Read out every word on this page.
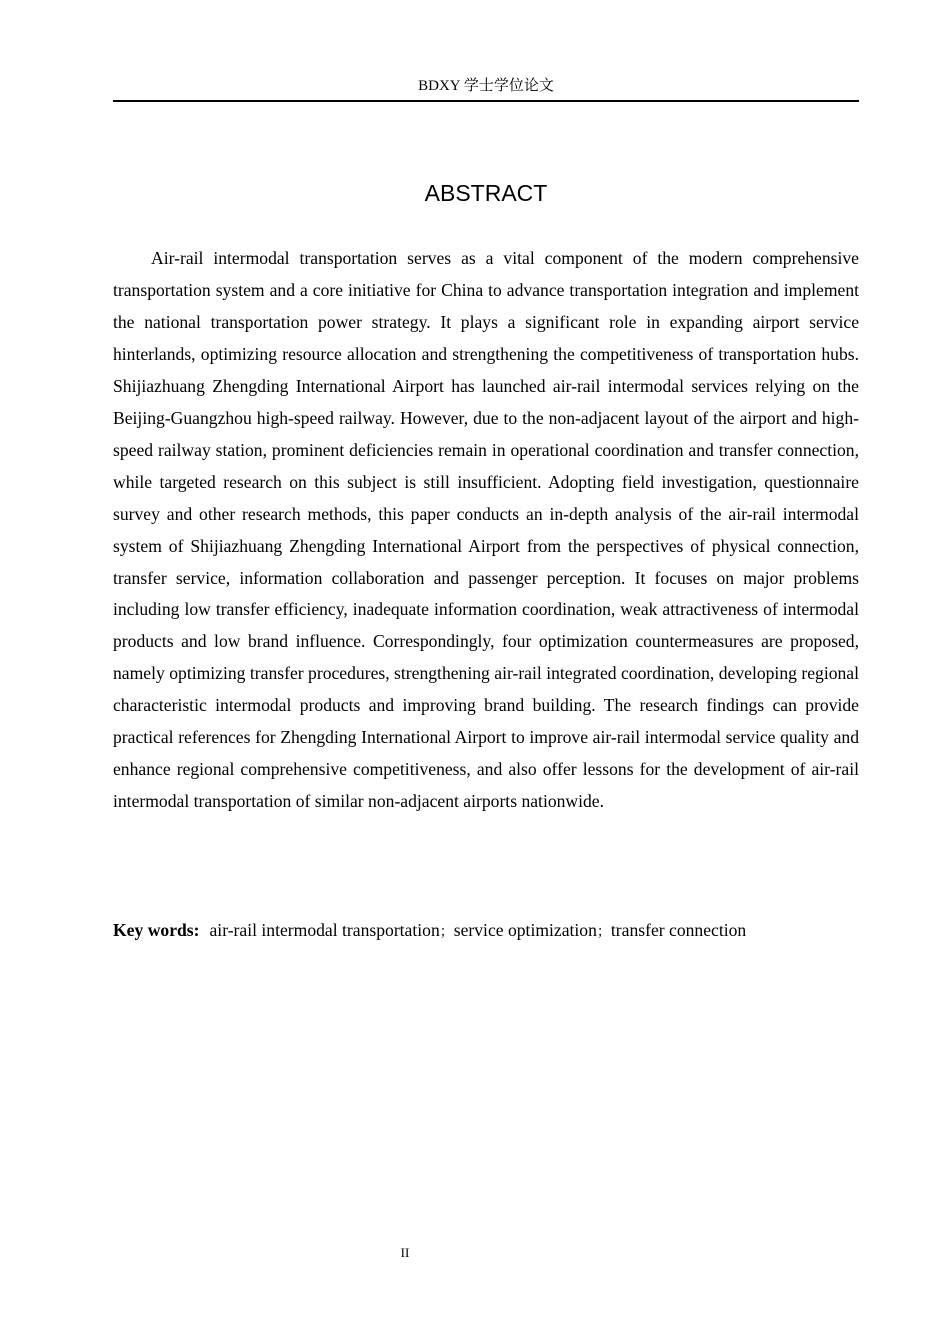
BDXY 学士学位论文
ABSTRACT

Air-rail intermodal transportation serves as a vital component of the modern comprehensive transportation system and a core initiative for China to advance transportation integration and implement the national transportation power strategy. It plays a significant role in expanding airport service hinterlands, optimizing resource allocation and strengthening the competitiveness of transportation hubs. Shijiazhuang Zhengding International Airport has launched air-rail intermodal services relying on the Beijing-Guangzhou high-speed railway. However, due to the non-adjacent layout of the airport and high-speed railway station, prominent deficiencies remain in operational coordination and transfer connection, while targeted research on this subject is still insufficient. Adopting field investigation, questionnaire survey and other research methods, this paper conducts an in-depth analysis of the air-rail intermodal system of Shijiazhuang Zhengding International Airport from the perspectives of physical connection, transfer service, information collaboration and passenger perception. It focuses on major problems including low transfer efficiency, inadequate information coordination, weak attractiveness of intermodal products and low brand influence. Correspondingly, four optimization countermeasures are proposed, namely optimizing transfer procedures, strengthening air-rail integrated coordination, developing regional characteristic intermodal products and improving brand building. The research findings can provide practical references for Zhengding International Airport to improve air-rail intermodal service quality and enhance regional comprehensive competitiveness, and also offer lessons for the development of air-rail intermodal transportation of similar non-adjacent airports nationwide.

Key words: air-rail intermodal transportation；service optimization；transfer connection

II
